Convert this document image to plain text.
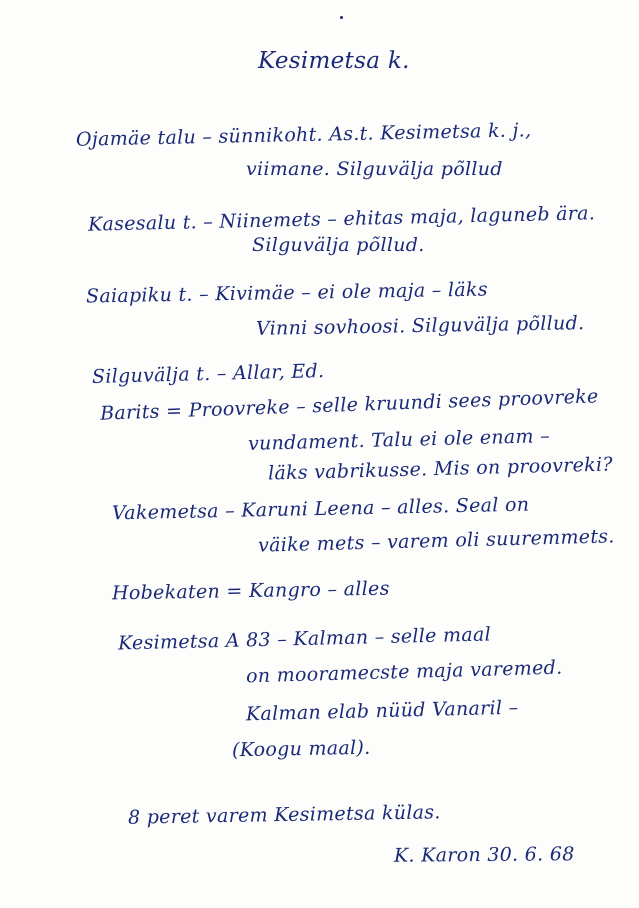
Kesimetsa k.
Ojamäe talu – sünnikoht. As.t. Kesimetsa k. j.,
viimane. Silguvälja põllud
Kasesalu t. – Niinemets – ehitas maja, laguneb ära.
Silguvälja põllud.
Saiapiku t. – Kivimäe – ei ole maja – läks
Vinni sovhoosi. Silguvälja põllud.
Silguvälja t. – Allar, Ed.
Barits = Proovreke – selle kruundi sees proovreke
vundament. Talu ei ole enam –
läks vabrikusse. Mis on proovreki?
Vakemetsa – Karuni Leena – alles. Seal on
väike mets – varem oli suuremmets.
Hobekaten = Kangro – alles
Kesimetsa A 83 – Kalman – selle maal
on mooramecste maja varemed.
Kalman elab nüüd Vanaril –
(Koogu maal).
8 peret varem Kesimetsa külas.
K. Karon 30. 6. 68
